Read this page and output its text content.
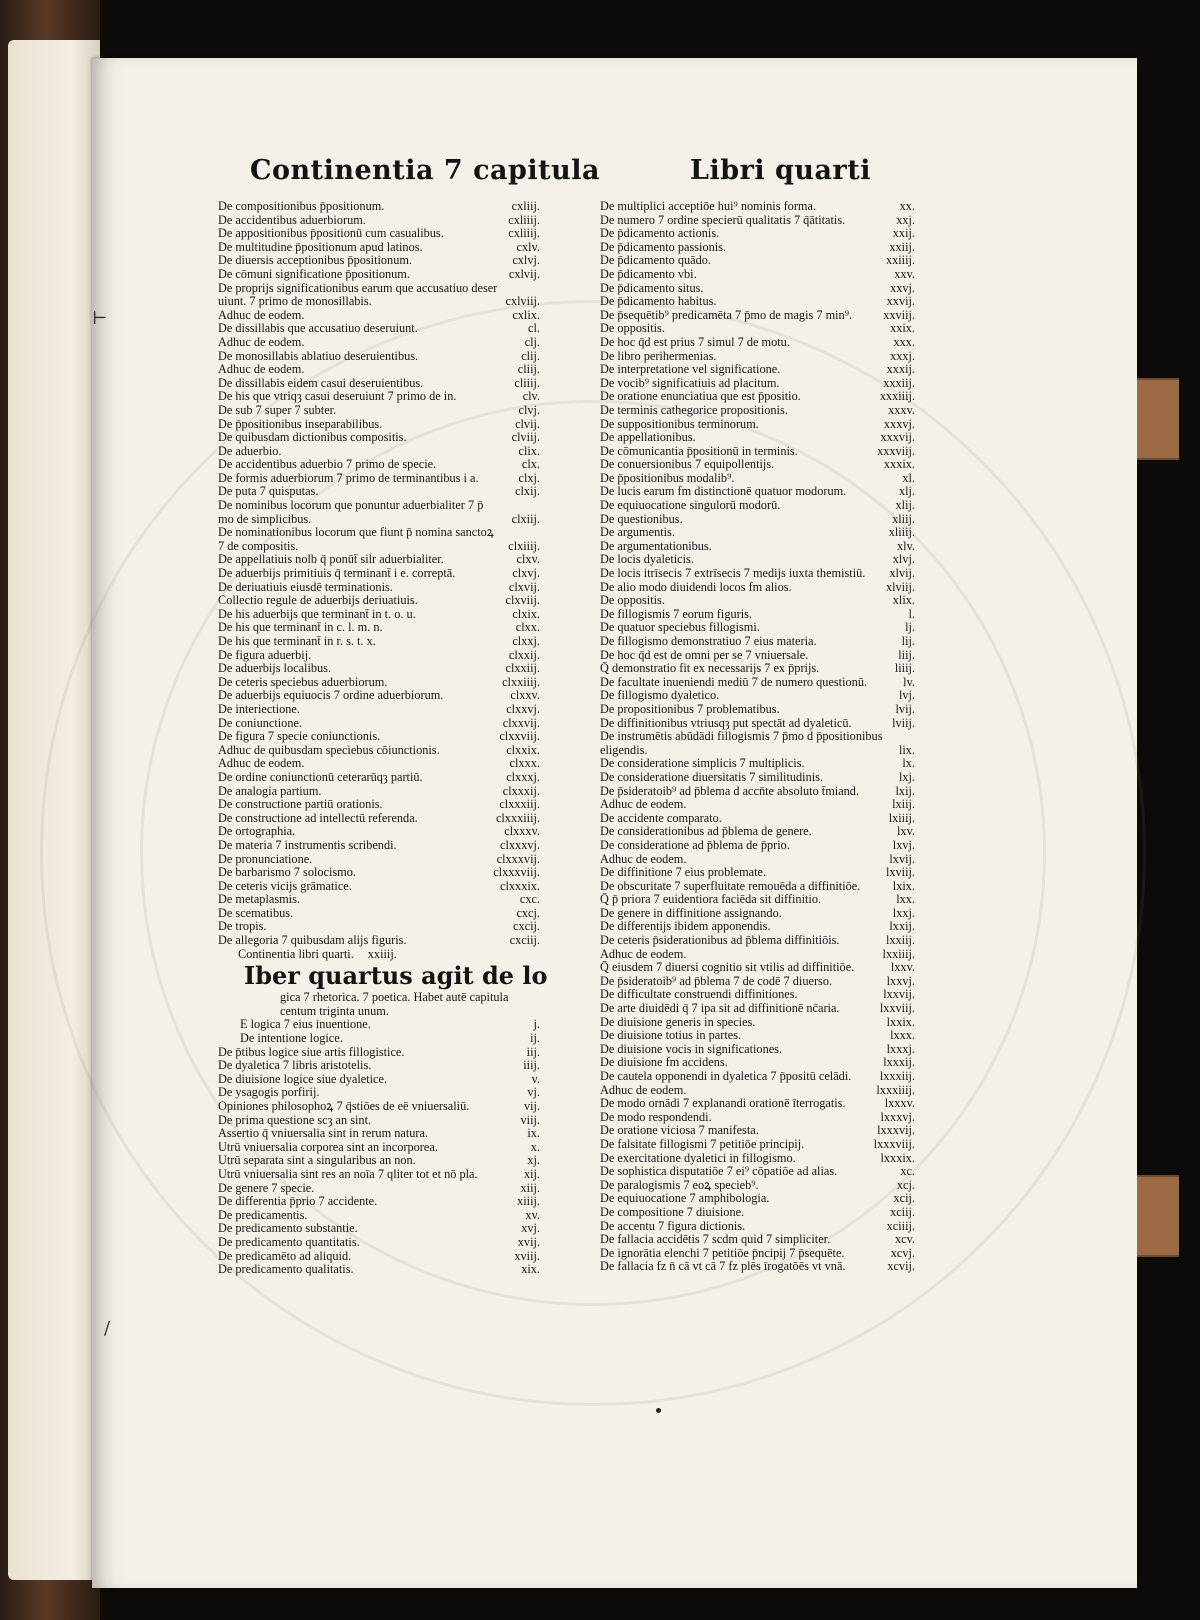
⊢
/
Continentia 7 capitula	Libri quarti
De compositionibus p̄positionum.	cxliij.
De accidentibus aduerbiorum.	cxliiij.
De appositionibus p̄positionū cum casualibus.	cxliiij.
De multitudine p̄positionum apud latinos.	cxlv.
De diuersis acceptionibus p̄positionum.	cxlvj.
De cōmuni significatione p̄positionum.	cxlvij.
De proprijs significationibus earum que accusatiuo deser
uiunt. 7 primo de monosillabis.	cxlviij.
Adhuc de eodem.	cxlix.
De dissillabis que accusatiuo deseruiunt.	cl.
Adhuc de eodem.	clj.
De monosillabis ablatiuo deseruientibus.	clij.
Adhuc de eodem.	cliij.
De dissillabis eidem casui deseruientibus.	cliiij.
De his que vtriqȝ casui deseruiunt 7 primo de in.	clv.
De sub 7 super 7 subter.	clvj.
De p̄positionibus inseparabilibus.	clvij.
De quibusdam dictionibus compositis.	clviij.
De aduerbio.	clix.
De accidentibus aduerbio 7 primo de specie.	clx.
De formis aduerbiorum 7 primo de terminantibus i a.	clxj.
De puta 7 quisputas.	clxij.
De nominibus locorum que ponuntur aduerbialiter 7 p̄
mo de simplicibus.	clxiij.
De nominationibus locorum que fiunt p̄ nomina sanctoꝝ
7 de compositis.	clxiiij.
De appellatiuis nolb q̄ ponūt̄ sil̄r aduerbialiter.	clxv.
De aduerbijs primitiuis q̄ terminant̄ i e. correptā.	clxvj.
De deriuatiuis eiusdē terminationis.	clxvij.
Collectio regule de aduerbijs deriuatiuis.	clxviij.
De his aduerbijs que terminant̄ in t. o. u.	clxix.
De his que terminant̄ in c. l. m. n.	clxx.
De his que terminant̄ in r. s. t. x.	clxxj.
De figura aduerbij.	clxxij.
De aduerbijs localibus.	clxxiij.
De ceteris speciebus aduerbiorum.	clxxiiij.
De aduerbijs equiuocis 7 ordine aduerbiorum.	clxxv.
De interiectione.	clxxvj.
De coniunctione.	clxxvij.
De figura 7 specie coniunctionis.	clxxviij.
Adhuc de quibusdam speciebus cōiunctionis.	clxxix.
Adhuc de eodem.	clxxx.
De ordine coniunctionū ceterarūqȝ partiū.	clxxxj.
De analogia partium.	clxxxij.
De constructione partiū orationis.	clxxxiij.
De constructione ad intellectū referenda.	clxxxiiij.
De ortographia.	clxxxv.
De materia 7 instrumentis scribendi.	clxxxvj.
De pronunciatione.	clxxxvij.
De barbarismo 7 solocismo.	clxxxviij.
De ceteris vicijs grāmatice.	clxxxix.
De metaplasmis.	cxc.
De scematibus.	cxcj.
De tropis.	cxcij.
De allegoria 7 quibusdam alijs figuris.	cxciij.
Continentia libri quarti.	xxiiij.
Iber quartus agit de lo
gica 7 rhetorica. 7 poetica. Habet autē capitula
centum triginta unum.
E logica 7 eius inuentione.	j.
De intentione logice.	ij.
De p̄tibus logice siue artis fillogistice.	iij.
De dyaletica 7 libris aristotelis.	iiij.
De diuisione logice siue dyaletice.	v.
De ysagogis porfirij.	vj.
Opiniones philosophoꝝ 7 q̄stiōes de eē vniuersaliū.	vij.
De prima questione scȝ an sint.	viij.
Assertio q̄ vniuersalia sint in rerum natura.	ix.
Utrū vniuersalia corporea sint an incorporea.	x.
Utrū separata sint a singularibus an non.	xj.
Utrū vniuersalia sint res an noīa 7 qliter tot et nō pl̄a.	xij.
De genere 7 specie.	xiij.
De differentia p̄prio 7 accidente.	xiiij.
De predicamentis.	xv.
De predicamento substantie.	xvj.
De predicamento quantitatis.	xvij.
De predicamēto ad aliquid.	xviij.
De predicamento qualitatis.	xix.
De multiplici acceptiōe hui⁹ nominis forma.	xx.
De numero 7 ordine specierū qualitatis 7 q̄ātitatis.	xxj.
De p̄dicamento actionis.	xxij.
De p̄dicamento passionis.	xxiij.
De p̄dicamento quādo.	xxiiij.
De p̄dicamento vbi.	xxv.
De p̄dicamento situs.	xxvj.
De p̄dicamento habitus.	xxvij.
De p̄sequētib⁹ predicamēta 7 p̄mo de magis 7 min⁹.	xxviij.
De oppositis.	xxix.
De hoc q̄d est prius 7 simul 7 de motu.	xxx.
De libro perihermenias.	xxxj.
De interpretatione vel significatione.	xxxij.
De vocib⁹ significatiuis ad placitum.	xxxiij.
De oratione enunciatiua que est p̄positio.	xxxiiij.
De terminis cathegorice propositionis.	xxxv.
De suppositionibus terminorum.	xxxvj.
De appellationibus.	xxxvij.
De cōmunicantia p̄positionū in terminis.	xxxviij.
De conuersionibus 7 equipollentijs.	xxxix.
De p̄positionibus modalib⁹.	xl.
De lucis earum f̄m distinctionē quatuor modorum.	xlj.
De equiuocatione singulorū modorū.	xlij.
De questionibus.	xliij.
De argumentis.	xliiij.
De argumentationibus.	xlv.
De locis dyaleticis.	xlvj.
De locis itrīsecis 7 extrīsecis 7 medijs iuxta themistiū.	xlvij.
De alio modo diuidendi locos f̄m alios.	xlviij.
De oppositis.	xlix.
De fillogismis 7 eorum figuris.	l.
De quatuor speciebus fillogismi.	lj.
De fillogismo demonstratiuo 7 eius materia.	lij.
De hoc q̄d est de omni per se 7 vniuersale.	liij.
Q̄ demonstratio fit ex necessarijs 7 ex p̄prijs.	liiij.
De facultate inueniendi mediū 7 de numero questionū.	lv.
De fillogismo dyaletico.	lvj.
De propositionibus 7 problematibus.	lvij.
De diffinitionibus vtriusqȝ put spectāt ad dyaleticū.	lviij.
De instrumētis abūdādi fillogismis 7 p̄mo d̄ p̄positionibus
eligendis.	lix.
De consideratione simplicis 7 multiplicis.	lx.
De consideratione diuersitatis 7 similitudinis.	lxj.
De p̄sideratoib⁹ ad p̄blema d̄ accn̄te absoluto t̄miand̄.	lxij.
Adhuc de eodem.	lxiij.
De accidente comparato.	lxiiij.
De considerationibus ad p̄blema de genere.	lxv.
De consideratione ad p̄blema de p̄prio.	lxvj.
Adhuc de eodem.	lxvij.
De diffinitione 7 eius problemate.	lxviij.
De obscuritate 7 superfluitate remouēda a diffinitiōe.	lxix.
Q̄ p̄ priora 7 euidentiora faciēda sit diffinitio.	lxx.
De genere in diffinitione assignando.	lxxj.
De differentijs ibidem apponendis.	lxxij.
De ceteris p̄siderationibus ad p̄blema diffinitiōis.	lxxiij.
Adhuc de eodem.	lxxiiij.
Q̄ eiusdem 7 diuersi cognitio sit vtilis ad diffinitiōe.	lxxv.
De p̄sideratoib⁹ ad p̄blema 7 de codē 7 diuerso.	lxxvj.
De difficultate construendi diffinitiones.	lxxvij.
De arte diuidēdi q̄ 7 ipa sit ad diffinitionē nc̄aria.	lxxviij.
De diuisione generis in species.	lxxix.
De diuisione totius in partes.	lxxx.
De diuisione vocis in significationes.	lxxxj.
De diuisione f̄m accidens.	lxxxij.
De cautela opponendi in dyaletica 7 p̄positū celādi.	lxxxiij.
Adhuc de eodem.	lxxxiiij.
De modo ornādi 7 explanandi orationē īterrogatis.	lxxxv.
De modo respondendi.	lxxxvj.
De oratione viciosa 7 manifesta.	lxxxvij.
De falsitate fillogismi 7 petitiōe principij.	lxxxviij.
De exercitatione dyaletici in fillogismo.	lxxxix.
De sophistica disputatiōe 7 ei⁹ cōpatiōe ad alias.	xc.
De paralogismis 7 eoꝝ specieb⁹.	xcj.
De equiuocatione 7 amphibologia.	xcij.
De compositione 7 diuisione.	xciij.
De accentu 7 figura dictionis.	xciiij.
De fallacia accidētis 7 scd̄m quid 7 simpliciter.	xcv.
De ignorātia elenchi 7 petitiōe p̄ncipij 7 p̄sequēte.	xcvj.
De fallacia f̄z n̄ cā vt cā 7 f̄z plēs īrogatōēs vt vnā.	xcvij.
